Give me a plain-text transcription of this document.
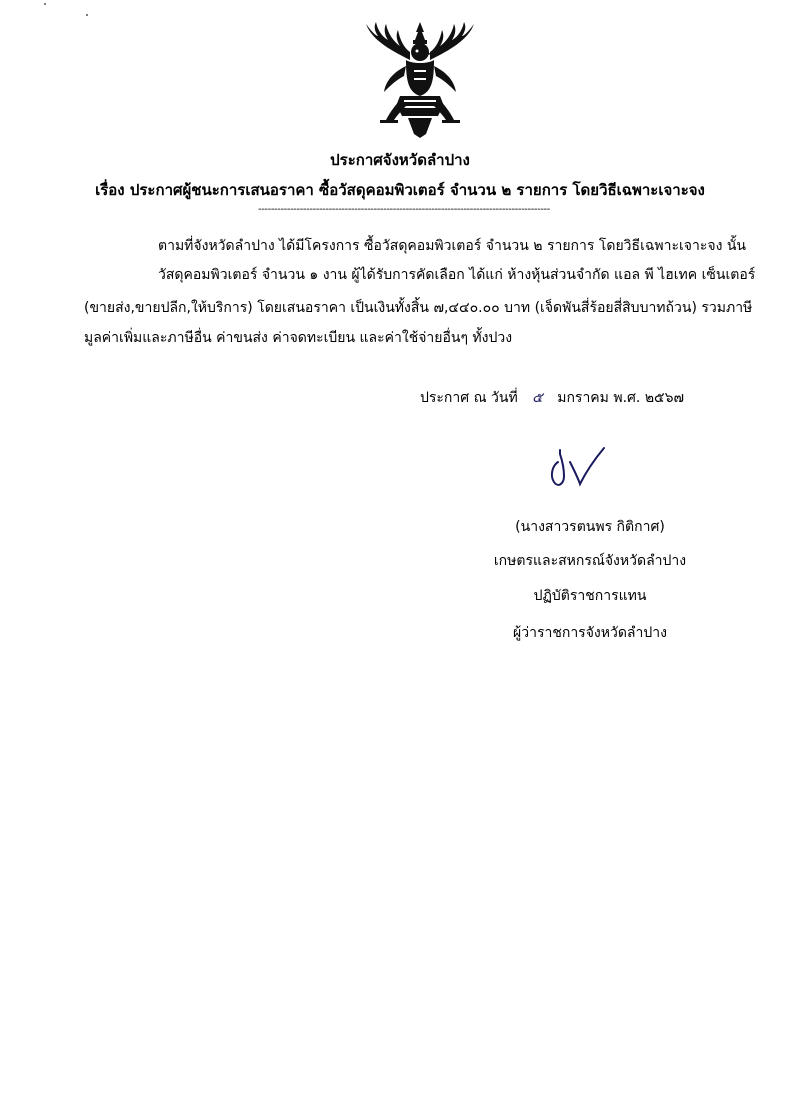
ประกาศจังหวัดลำปาง
เรื่อง ประกาศผู้ชนะการเสนอราคา ซื้อวัสดุคอมพิวเตอร์ จำนวน ๒ รายการ โดยวิธีเฉพาะเจาะจง
-------------------------------------------------------------------------------------------
ตามที่จังหวัดลำปาง ได้มีโครงการ ซื้อวัสดุคอมพิวเตอร์ จำนวน ๒ รายการ โดยวิธีเฉพาะเจาะจง นั้น
วัสดุคอมพิวเตอร์ จำนวน ๑ งาน ผู้ได้รับการคัดเลือก ได้แก่ ห้างหุ้นส่วนจำกัด แอล พี ไฮเทค เซ็นเตอร์
(ขายส่ง,ขายปลีก,ให้บริการ) โดยเสนอราคา เป็นเงินทั้งสิ้น ๗,๔๔๐.๐๐ บาท (เจ็ดพันสี่ร้อยสี่สิบบาทถ้วน) รวมภาษี
มูลค่าเพิ่มและภาษีอื่น ค่าขนส่ง ค่าจดทะเบียน และค่าใช้จ่ายอื่นๆ ทั้งปวง
ประกาศ ณ วันที่ ๕ มกราคม พ.ศ. ๒๕๖๗
(นางสาวรตนพร กิติกาศ)
เกษตรและสหกรณ์จังหวัดลำปาง
ปฏิบัติราชการแทน
ผู้ว่าราชการจังหวัดลำปาง
